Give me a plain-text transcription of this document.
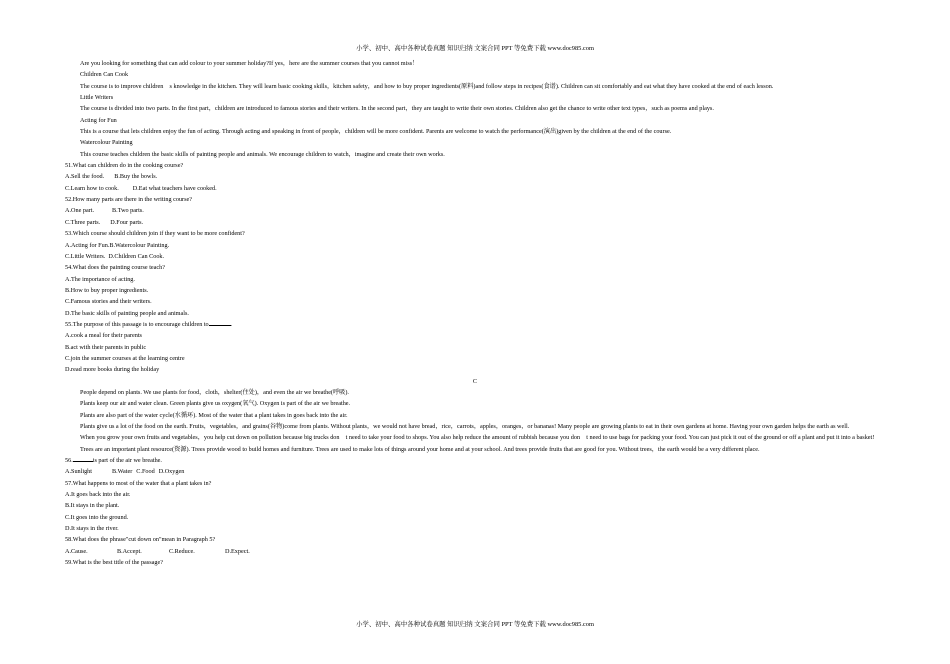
小学、初中、高中各种试卷真题 知识归纳 文案合同 PPT 等免费下载 www.doc985.com
Are you looking for something that can add colour to your summer holiday?If yes，here are the summer courses that you cannot miss！
Children Can Cook
The course is to improve children　s knowledge in the kitchen. They will learn basic cooking skills，kitchen safety，and how to buy proper ingredients(原料)and follow steps in recipes(食谱). Children can sit comfortably and eat what they have cooked at the end of each lesson.
Little Writers
The course is divided into two parts. In the first part，children are introduced to famous stories and their writers. In the second part，they are taught to write their own stories. Children also get the chance to write other text types，such as poems and plays.
Acting for Fun
This is a course that lets children enjoy the fun of acting. Through acting and speaking in front of people，children will be more confident. Parents are welcome to watch the performance(演出)given by the children at the end of the course.
Watercolour Painting
This course teaches children the basic skills of painting people and animals. We encourage children to watch，imagine and create their own works.
51.What can children do in the cooking course?
A.Sell the food. B.Buy the bowls.
C.Learn how to cook. D.Eat what teachers have cooked.
52.How many parts are there in the writing course?
A.One part.	B.Two parts.
C.Three parts. D.Four parts.
53.Which course should children join if they want to be more confident?
A.Acting for Fun.B.Watercolour Painting.
C.Little Writers. D.Children Can Cook.
54.What does the painting course teach?
A.The importance of acting.
B.How to buy proper ingredients.
C.Famous stories and their writers.
D.The basic skills of painting people and animals.
55.The purpose of this passage is to encourage children to	.
A.cook a meal for their parents
B.act with their parents in public
C.join the summer courses at the learning centre
D.read more books during the holiday
C
People depend on plants. We use plants for food，cloth，shelter(住处)，and even the air we breathe(呼吸).
Plants keep our air and water clean. Green plants give us oxygen(氧气). Oxygen is part of the air we breathe.
Plants are also part of the water cycle(水循环). Most of the water that a plant takes in goes back into the air.
Plants give us a lot of the food on the earth. Fruits，vegetables，and grains(谷物)come from plants. Without plants，we would not have bread，rice，carrots，apples，oranges，or bananas! Many people are growing plants to eat in their own gardens at home. Having your own garden helps the earth as well.
When you grow your own fruits and vegetables，you help cut down on pollution because big trucks don　t need to take your food to shops. You also help reduce the amount of rubbish because you don　t need to use bags for packing your food. You can just pick it out of the ground or off a plant and put it into a basket!
Trees are an important plant resource(资源). Trees provide wood to build homes and furniture. Trees are used to make lots of things around your home and at your school. And trees provide fruits that are good for you. Without trees，the earth would be a very different place.
56.	is part of the air we breathe.
A.Sunlight	B.Water C.Food D.Oxygen
57.What happens to most of the water that a plant takes in?
A.It goes back into the air.
B.It stays in the plant.
C.It goes into the ground.
D.It stays in the river.
58.What does the phrase"cut down on"mean in Paragraph 5?
A.Cause.	B.Accept.	C.Reduce.	D.Expect.
59.What is the best title of the passage?
小学、初中、高中各种试卷真题 知识归纳 文案合同 PPT 等免费下载 www.doc985.com
